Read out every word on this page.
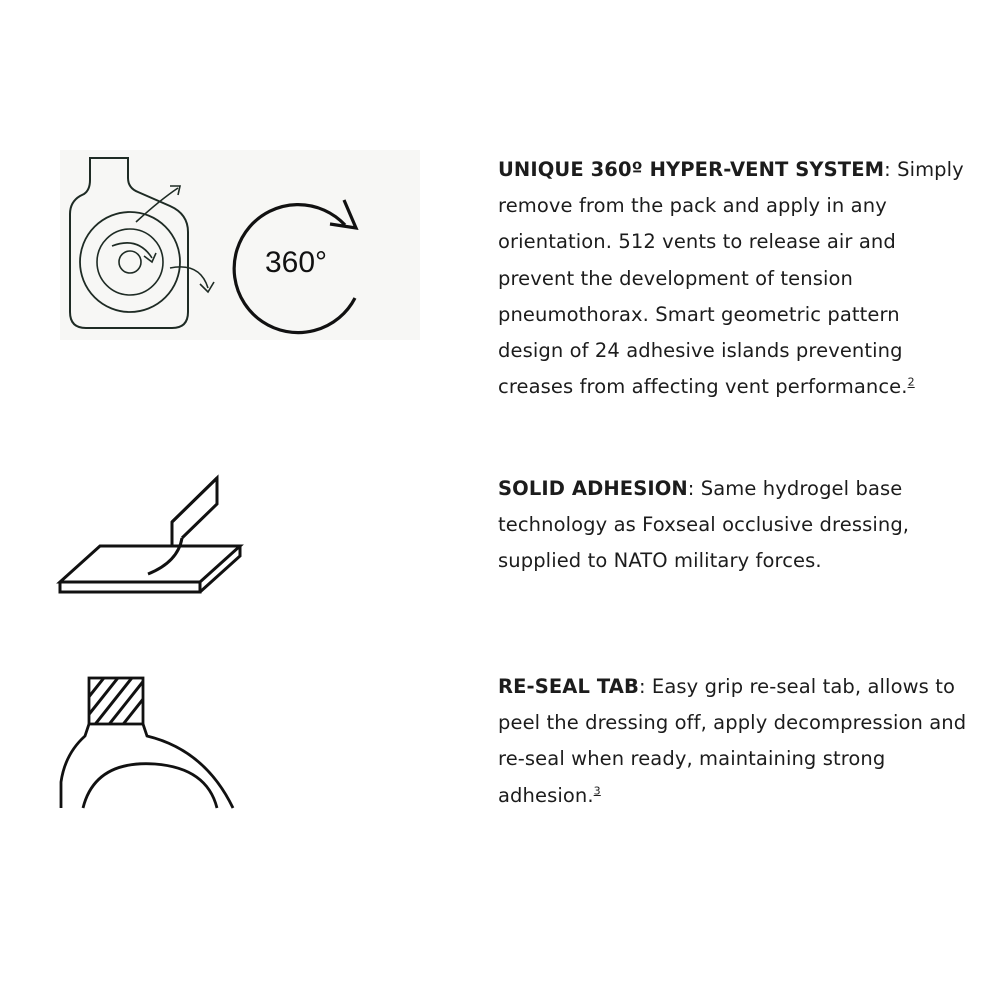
360°

UNIQUE 360º HYPER-VENT SYSTEM: Simply remove from the pack and apply in any orientation. 512 vents to release air and prevent the development of tension pneumothorax. Smart geometric pattern design of 24 adhesive islands preventing creases from affecting vent performance.$^2$

SOLID ADHESION: Same hydrogel base technology as Foxseal occlusive dressing, supplied to NATO military forces.

RE-SEAL TAB: Easy grip re-seal tab, allows to peel the dressing off, apply decompression and re-seal when ready, maintaining strong adhesion.$^3$
